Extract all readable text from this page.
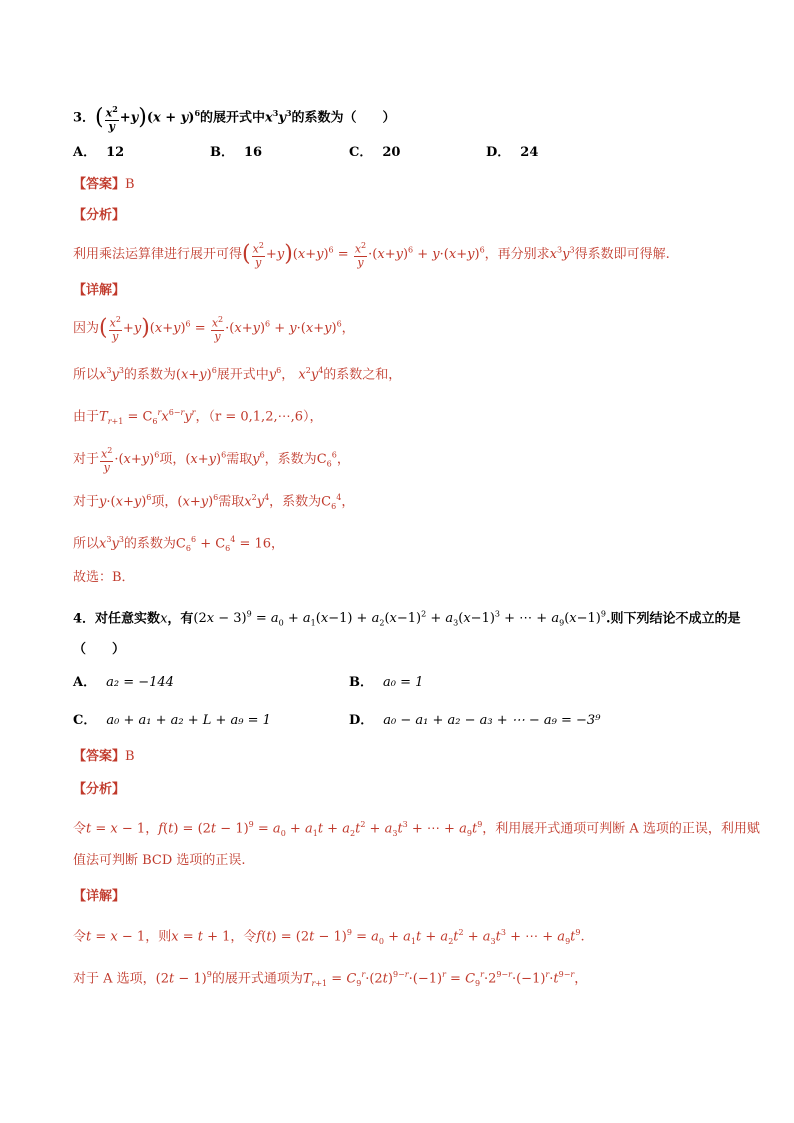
3．( $\frac{x^2}{y} +y)(x + y)^6$的展开式中$x^3y^3$的系数为（　　）
A． 12	B． 16	C． 20	D． 24
【答案】B
【分析】
利用乘法运算律进行展开可得( $\frac{x^2}{y} +y)(x+y)^6 = \frac{x^2}{y} \cdot(x+y)^6 + y\cdot(x+y)^6$，再分别求$x^3y^3$得系数即可得解.
【详解】
因为( $\frac{x^2}{y} +y)(x+y)^6 = \frac{x^2}{y} \cdot(x+y)^6 + y\cdot(x+y)^6$，
所以$x^3y^3$的系数为$(x+y)^6$展开式中$y^6$， $x^2y^4$的系数之和，
由于$T_{r+1} = C_6^rx^{6-r}y^r$，（r = 0,1,2,⋯,6），
对于 $\frac{x^2}{y} \cdot(x+y)^6$项，$(x+y)^6$需取$y^6$，系数为$C_6^6$，
对于$y\cdot(x+y)^6$项，$(x+y)^6$需取$x^2y^4$，系数为$C_6^4$，
所以$x^3y^3$的系数为$C_6^6 + C_6^4 = 16$，
故选：B．
4．对任意实数x，有$(2x - 3)^9 = a_0 + a_1(x-1) + a_2(x-1)^2 + a_3(x-1)^3$ + ⋯ + $a_9(x-1)^9$.则下列结论不成立的是
（　　）
A． a₂ = −144	B． a₀ = 1
C． a₀ + a₁ + a₂ + L + a₉ = 1	D． a₀ − a₁ + a₂ − a₃ + ⋯ − a₉ = −3⁹
【答案】B
【分析】
令t = x − 1，$f(t) = (2t - 1)^9 = a_0 + a_1t + a_2t^2 + a_3t^3$ + ⋯ + $a_9t^9$，利用展开式通项可判断 A 选项的正误，利用赋
值法可判断 BCD 选项的正误.
【详解】
令t = x − 1，则x = t + 1，令$f(t) = (2t - 1)^9 = a_0 + a_1t + a_2t^2 + a_3t^3$ + ⋯ + $a_9t^9$.
对于 A 选项，$(2t - 1)^9$的展开式通项为$T_{r+1} = C_9^r\cdot(2t)^{9-r}\cdot(-1)^r = C_9^r\cdot 2^{9-r}\cdot(-1)^r\cdot t^{9-r}$，
